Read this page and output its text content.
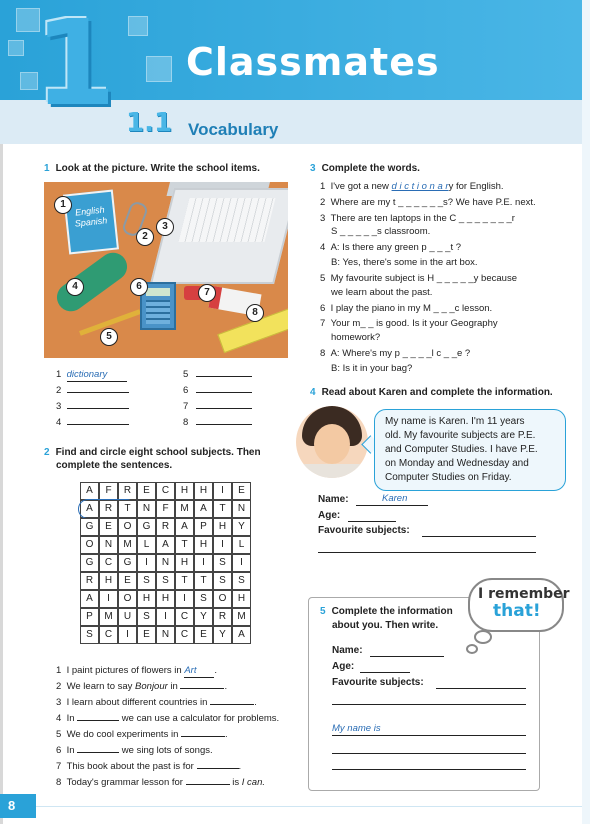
1 Classmates
1.1 Vocabulary
1 Look at the picture. Write the school items.
English
Spanish
1
2
3
4
5
6
7
8
1 dictionary
2
3
4
5
6
7
8
2 Find and circle eight school subjects. Then
complete the sentences.
A	F	R	E	C	H	H	I	E
A	R	T	N	F	M	A	T	N
G	E	O	G	R	A	P	H	Y
O	N	M	L	A	T	H	I	L
G	C	G	I	N	H	I	S	I
R	H	E	S	S	T	T	S	S
A	I	O	H	H	I	S	O	H
P	M	U	S	I	C	Y	R	M
S	C	I	E	N	C	E	Y	A
1 I paint pictures of flowers in Art .
2 We learn to say Bonjour in	.
3 I learn about different countries in	.
4 In	we can use a calculator for problems.
5 We do cool experiments in	.
6 In	we sing lots of songs.
7 This book about the past is for	.
8 Today's grammar lesson for	is I can.
3 Complete the words.
1 I've got a new d i c t i o n a ry for English.
2 Where are my t _ _ _ _ _ _s? We have P.E. next.
3 There are ten laptops in the C _ _ _ _ _ _ _r
S _ _ _ _ _s classroom.
4 A: Is there any green p _ _ _t ?
B: Yes, there's some in the art box.
5 My favourite subject is H _ _ _ _ _y because
we learn about the past.
6 I play the piano in my M _ _ _c lesson.
7 Your m_ _ is good. Is it your Geography
homework?
8 A: Where's my p _ _ _ _l c _ _e ?
B: Is it in your bag?
4 Read about Karen and complete the information.
My name is Karen. I'm 11 years
old. My favourite subjects are P.E.
and Computer Studies. I have P.E.
on Monday and Wednesday and
Computer Studies on Friday.
Name:	Karen
Age:
Favourite subjects:
5 Complete the information
about you. Then write.
I remember
that!
Name:
Age:
Favourite subjects:
My name is
8
